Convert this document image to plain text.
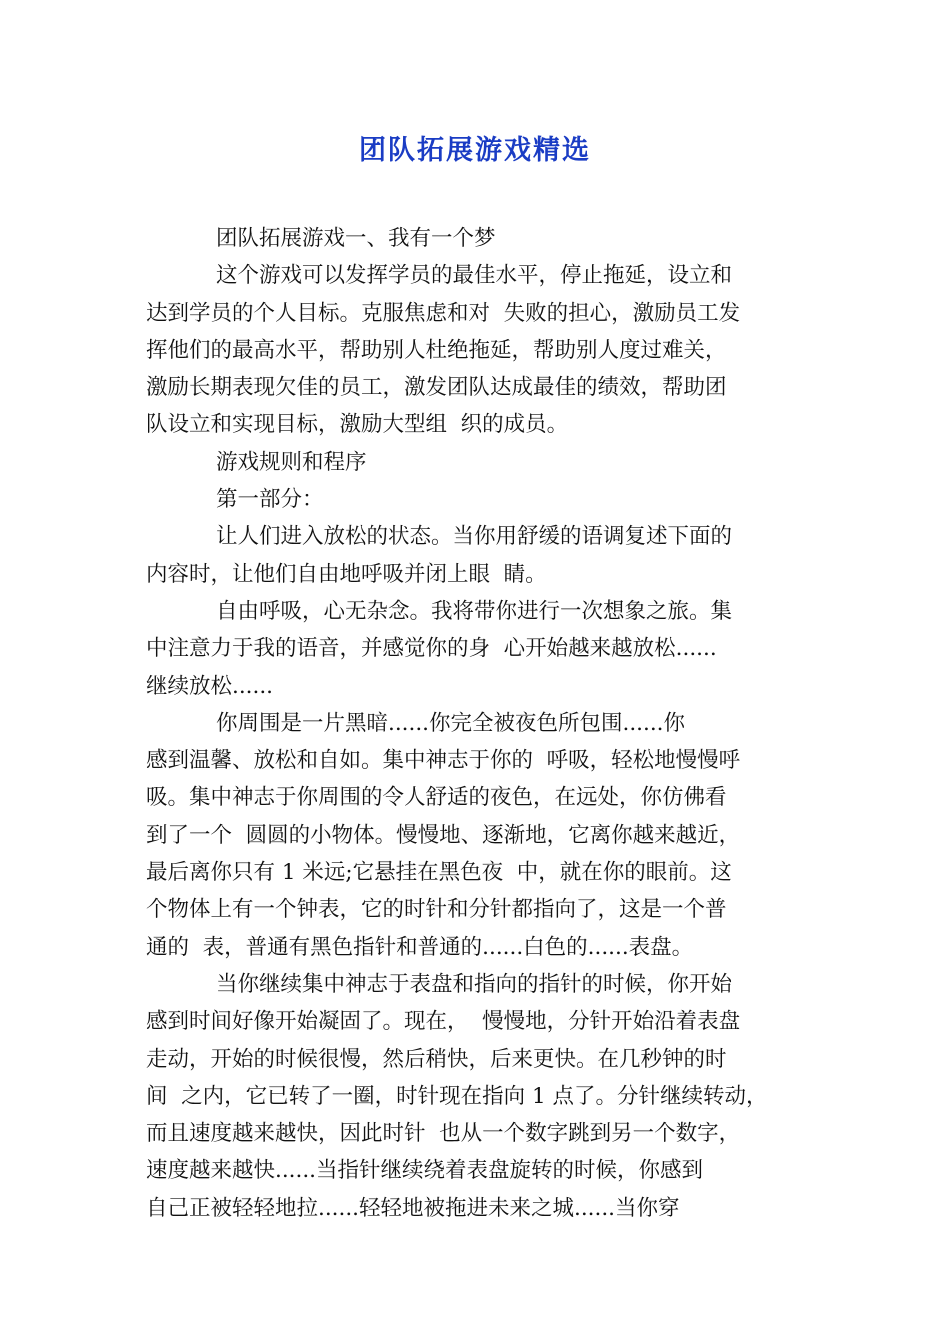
团队拓展游戏精选
团队拓展游戏一、我有一个梦
这个游戏可以发挥学员的最佳水平，停止拖延，设立和
达到学员的个人目标。克服焦虑和对  失败的担心，激励员工发
挥他们的最高水平，帮助别人杜绝拖延，帮助别人度过难关，
激励长期表现欠佳的员工，激发团队达成最佳的绩效，帮助团
队设立和实现目标，激励大型组  织的成员。
游戏规则和程序
第一部分：
让人们进入放松的状态。当你用舒缓的语调复述下面的
内容时，让他们自由地呼吸并闭上眼  睛。
自由呼吸，心无杂念。我将带你进行一次想象之旅。集
中注意力于我的语音，并感觉你的身  心开始越来越放松......
继续放松......
你周围是一片黑暗......你完全被夜色所包围......你
感到温馨、放松和自如。集中神志于你的  呼吸，轻松地慢慢呼
吸。集中神志于你周围的令人舒适的夜色，在远处，你仿佛看
到了一个  圆圆的小物体。慢慢地、逐渐地，它离你越来越近，
最后离你只有 1 米远;它悬挂在黑色夜  中，就在你的眼前。这
个物体上有一个钟表，它的时针和分针都指向了，这是一个普
通的  表，普通有黑色指针和普通的......白色的......表盘。
当你继续集中神志于表盘和指向的指针的时候，你开始
感到时间好像开始凝固了。现在，  慢慢地，分针开始沿着表盘
走动，开始的时候很慢，然后稍快，后来更快。在几秒钟的时
间  之内，它已转了一圈，时针现在指向 1 点了。分针继续转动，
而且速度越来越快，因此时针  也从一个数字跳到另一个数字，
速度越来越快......当指针继续绕着表盘旋转的时候，你感到
自己正被轻轻地拉......轻轻地被拖进未来之城......当你穿
